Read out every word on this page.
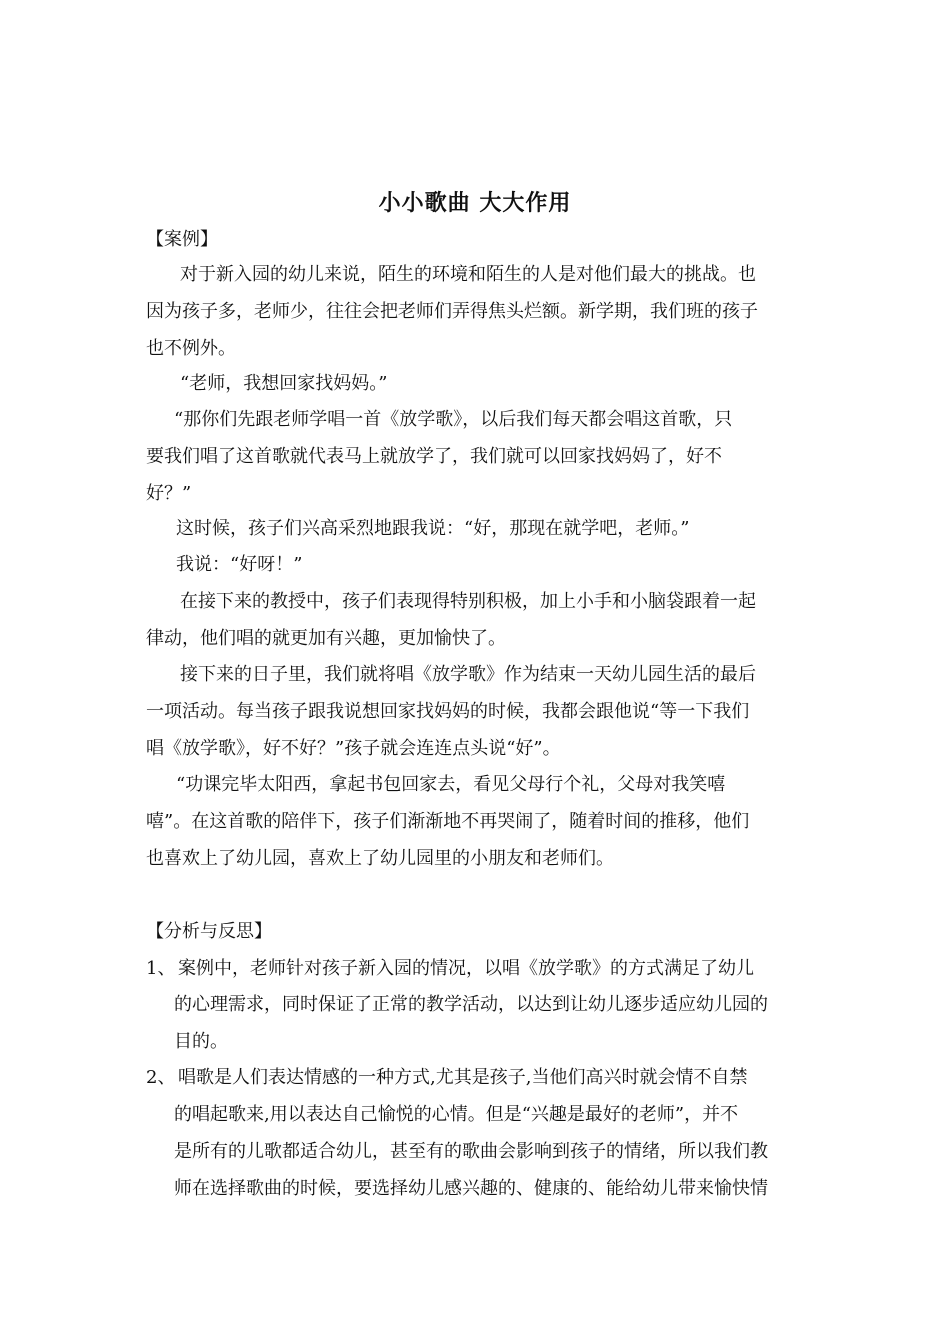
小小歌曲 大大作用
【案例】
对于新入园的幼儿来说，陌生的环境和陌生的人是对他们最大的挑战。也
因为孩子多，老师少，往往会把老师们弄得焦头烂额。新学期，我们班的孩子
也不例外。
“老师，我想回家找妈妈。”
“那你们先跟老师学唱一首《放学歌》，以后我们每天都会唱这首歌，只
要我们唱了这首歌就代表马上就放学了，我们就可以回家找妈妈了，好不
好？”
这时候，孩子们兴高采烈地跟我说：“好，那现在就学吧，老师。”
我说：“好呀！”
在接下来的教授中，孩子们表现得特别积极，加上小手和小脑袋跟着一起
律动，他们唱的就更加有兴趣，更加愉快了。
接下来的日子里，我们就将唱《放学歌》作为结束一天幼儿园生活的最后
一项活动。每当孩子跟我说想回家找妈妈的时候，我都会跟他说“等一下我们
唱《放学歌》，好不好？”孩子就会连连点头说“好”。
“功课完毕太阳西，拿起书包回家去，看见父母行个礼，父母对我笑嘻
嘻”。在这首歌的陪伴下，孩子们渐渐地不再哭闹了，随着时间的推移，他们
也喜欢上了幼儿园，喜欢上了幼儿园里的小朋友和老师们。
【分析与反思】
1、 案例中，老师针对孩子新入园的情况，以唱《放学歌》的方式满足了幼儿
的心理需求，同时保证了正常的教学活动，以达到让幼儿逐步适应幼儿园的
目的。
2、 唱歌是人们表达情感的一种方式,尤其是孩子,当他们高兴时就会情不自禁
的唱起歌来,用以表达自己愉悦的心情。但是“兴趣是最好的老师”，并不
是所有的儿歌都适合幼儿，甚至有的歌曲会影响到孩子的情绪，所以我们教
师在选择歌曲的时候，要选择幼儿感兴趣的、健康的、能给幼儿带来愉快情
